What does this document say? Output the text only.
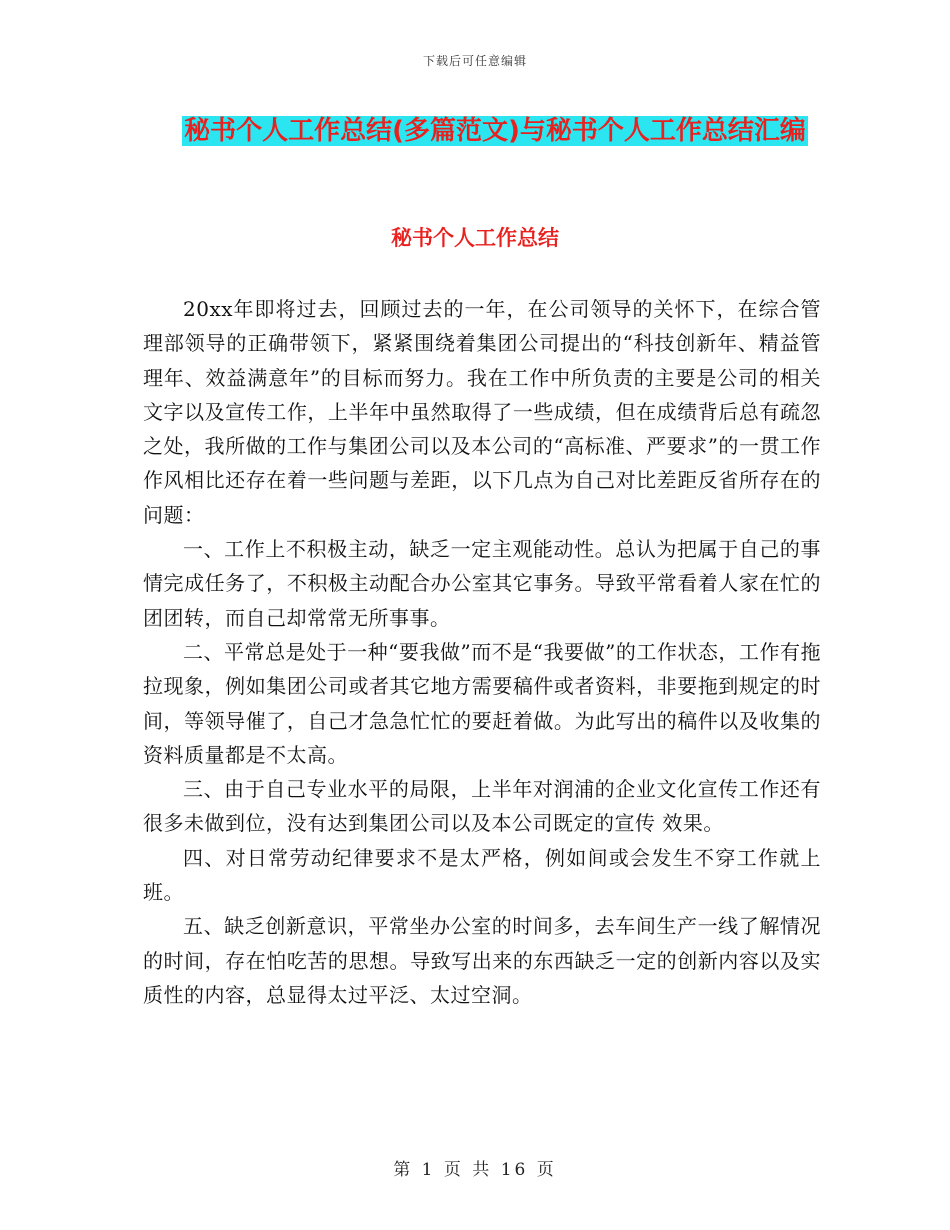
下载后可任意编辑
秘书个人工作总结(多篇范文)与秘书个人工作总结汇编
秘书个人工作总结

20xx年即将过去，回顾过去的一年，在公司领导的关怀下，在综合管理部领导的正确带领下，紧紧围绕着集团公司提出的“科技创新年、精益管理年、效益满意年”的目标而努力。我在工作中所负责的主要是公司的相关文字以及宣传工作，上半年中虽然取得了一些成绩，但在成绩背后总有疏忽之处，我所做的工作与集团公司以及本公司的“高标准、严要求”的一贯工作作风相比还存在着一些问题与差距，以下几点为自己对比差距反省所存在的问题：

一、工作上不积极主动，缺乏一定主观能动性。总认为把属于自己的事情完成任务了，不积极主动配合办公室其它事务。导致平常看着人家在忙的团团转，而自己却常常无所事事。

二、平常总是处于一种“要我做”而不是“我要做”的工作状态，工作有拖拉现象，例如集团公司或者其它地方需要稿件或者资料，非要拖到规定的时间，等领导催了，自己才急急忙忙的要赶着做。为此写出的稿件以及收集的资料质量都是不太高。

三、由于自己专业水平的局限，上半年对润浦的企业文化宣传工作还有很多未做到位，没有达到集团公司以及本公司既定的宣传 效果。

四、对日常劳动纪律要求不是太严格，例如间或会发生不穿工作就上班。

五、缺乏创新意识，平常坐办公室的时间多，去车间生产一线了解情况的时间，存在怕吃苦的思想。导致写出来的东西缺乏一定的创新内容以及实质性的内容，总显得太过平泛、太过空洞。

第 1 页 共 16 页
